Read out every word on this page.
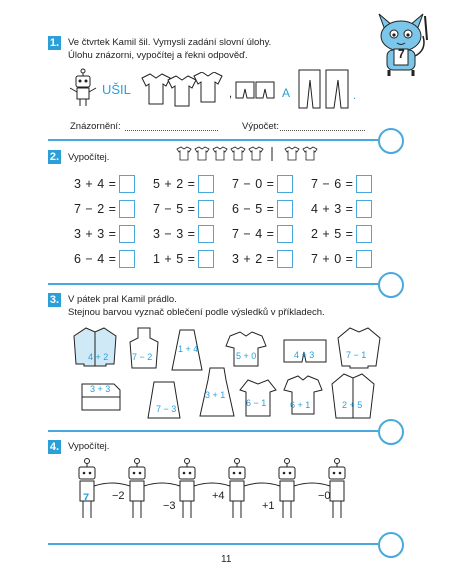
7
1. Ve čtvrtek Kamil šil. Vymysli zadání slovní úlohy.
Úlohu znázorni, vypočítej a řekni odpověď.
UŠIL	,	A	.
Znázornění:	Výpočet:
2. Vypočítej.
3 + 4 =	5 + 2 =	7 − 0 =	7 − 6 =
7 − 2 =	7 − 5 =	6 − 5 =	4 + 3 =
3 + 3 =	3 − 3 =	7 − 4 =	2 + 5 =
6 − 4 =	1 + 5 =	3 + 2 =	7 + 0 =
3. V pátek pral Kamil prádlo.
Stejnou barvou vyznač oblečení podle výsledků v příkladech.
4 + 2	7 − 2
1 + 4
5 + 0	4 + 3	7 − 1
3 + 3
7 − 3
3 + 1
6 − 1	6 + 1	2 + 5
4. Vypočítej.
7 −2
−3
+4
+1
−0
11
